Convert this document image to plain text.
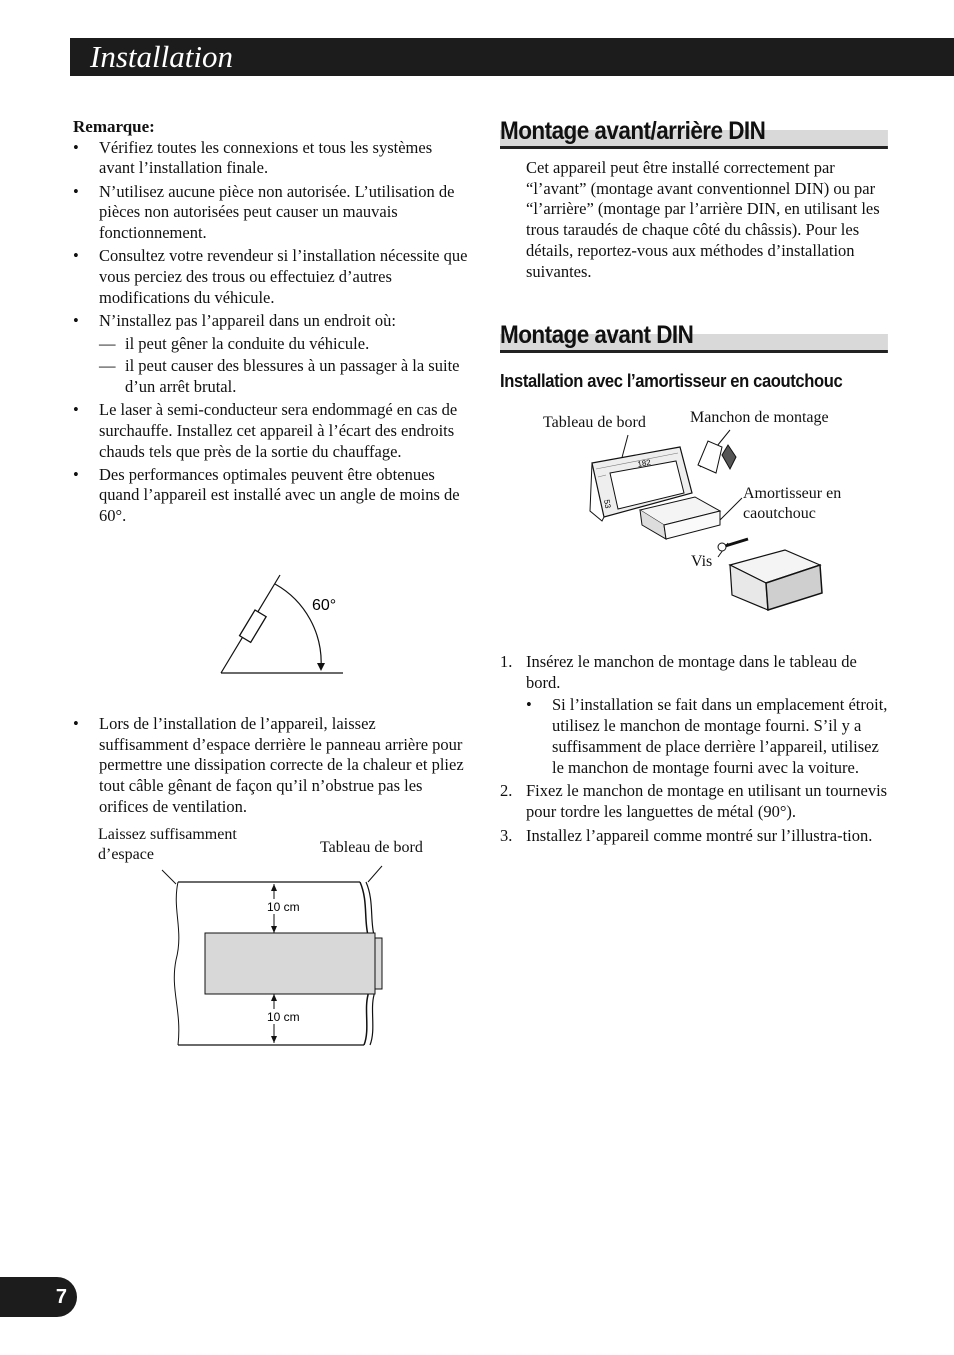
Installation
Remarque:
• Vérifiez toutes les connexions et tous les systèmes avant l’installation finale.
• N’utilisez aucune pièce non autorisée. L’utilisation de pièces non autorisées peut causer un mauvais fonctionnement.
• Consultez votre revendeur si l’installation nécessite que vous perciez des trous ou effectuiez d’autres modifications du véhicule.
• N’installez pas l’appareil dans un endroit où:
— il peut gêner la conduite du véhicule.
— il peut causer des blessures à un passager à la suite d’un arrêt brutal.
• Le laser à semi-conducteur sera endommagé en cas de surchauffe. Installez cet appareil à l’écart des endroits chauds tels que près de la sortie du chauffage.
• Des performances optimales peuvent être obtenues quand l’appareil est installé avec un angle de moins de 60°.
60°
• Lors de l’installation de l’appareil, laissez suffisamment d’espace derrière le panneau arrière pour permettre une dissipation correcte de la chaleur et pliez tout câble gênant de façon qu’il n’obstrue pas les orifices de ventilation.
Laissez suffisamment d’espace	Tableau de bord
10 cm
10 cm
Montage avant/arrière DIN
Cet appareil peut être installé correctement par “l’avant” (montage avant conventionnel DIN) ou par “l’arrière” (montage par l’arrière DIN, en utilisant les trous taraudés de chaque côté du châssis). Pour les détails, reportez-vous aux méthodes d’installation suivantes.
Montage avant DIN
Installation avec l’amortisseur en caoutchouc
Tableau de bord	Manchon de montage
Amortisseur en caoutchouc
Vis
182
53
1. Insérez le manchon de montage dans le tableau de bord.
• Si l’installation se fait dans un emplacement étroit, utilisez le manchon de montage fourni. S’il y a suffisamment de place derrière l’appareil, utilisez le manchon de montage fourni avec la voiture.
2. Fixez le manchon de montage en utilisant un tournevis pour tordre les languettes de métal (90°).
3. Installez l’appareil comme montré sur l’illustra-tion.
7
